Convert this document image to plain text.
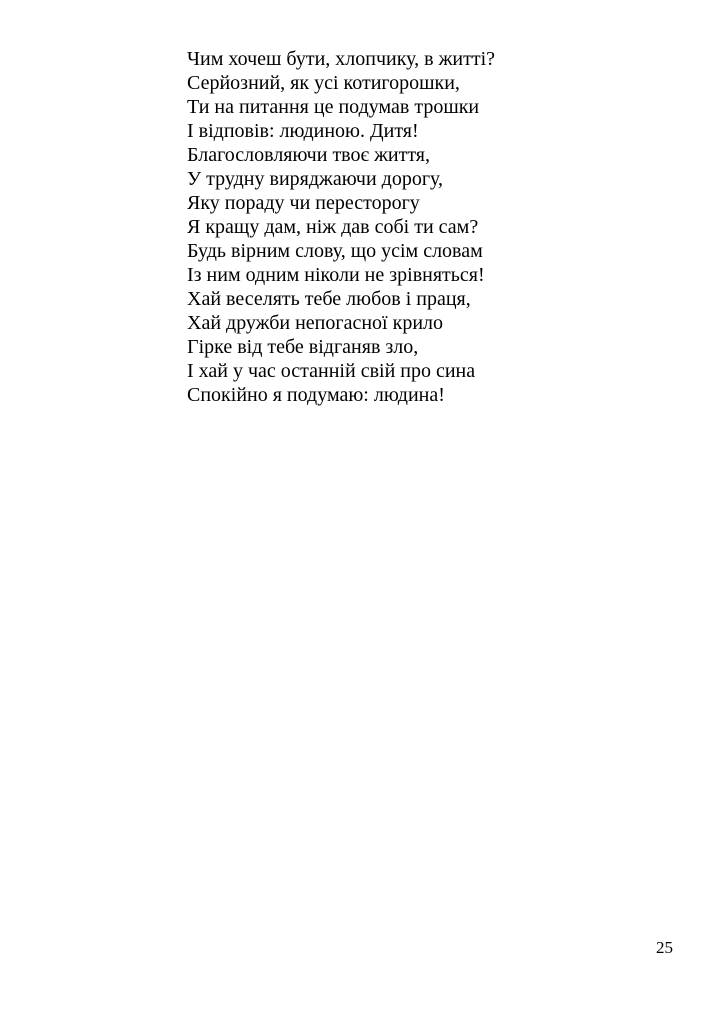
Чим хочеш бути, хлопчику, в житті?
Серйозний, як усі котигорошки,
Ти на питання це подумав трошки
І відповів: людиною. Дитя!
Благословляючи твоє життя,
У трудну виряджаючи дорогу,
Яку пораду чи пересторогу
Я кращу дам, ніж дав собі ти сам?
Будь вірним слову, що усім словам
Із ним одним ніколи не зрівняться!
Хай веселять тебе любов і праця,
Хай дружби непогасної крило
Гірке від тебе відганяв зло,
І хай у час останній свій про сина
Спокійно я подумаю: людина!
25
